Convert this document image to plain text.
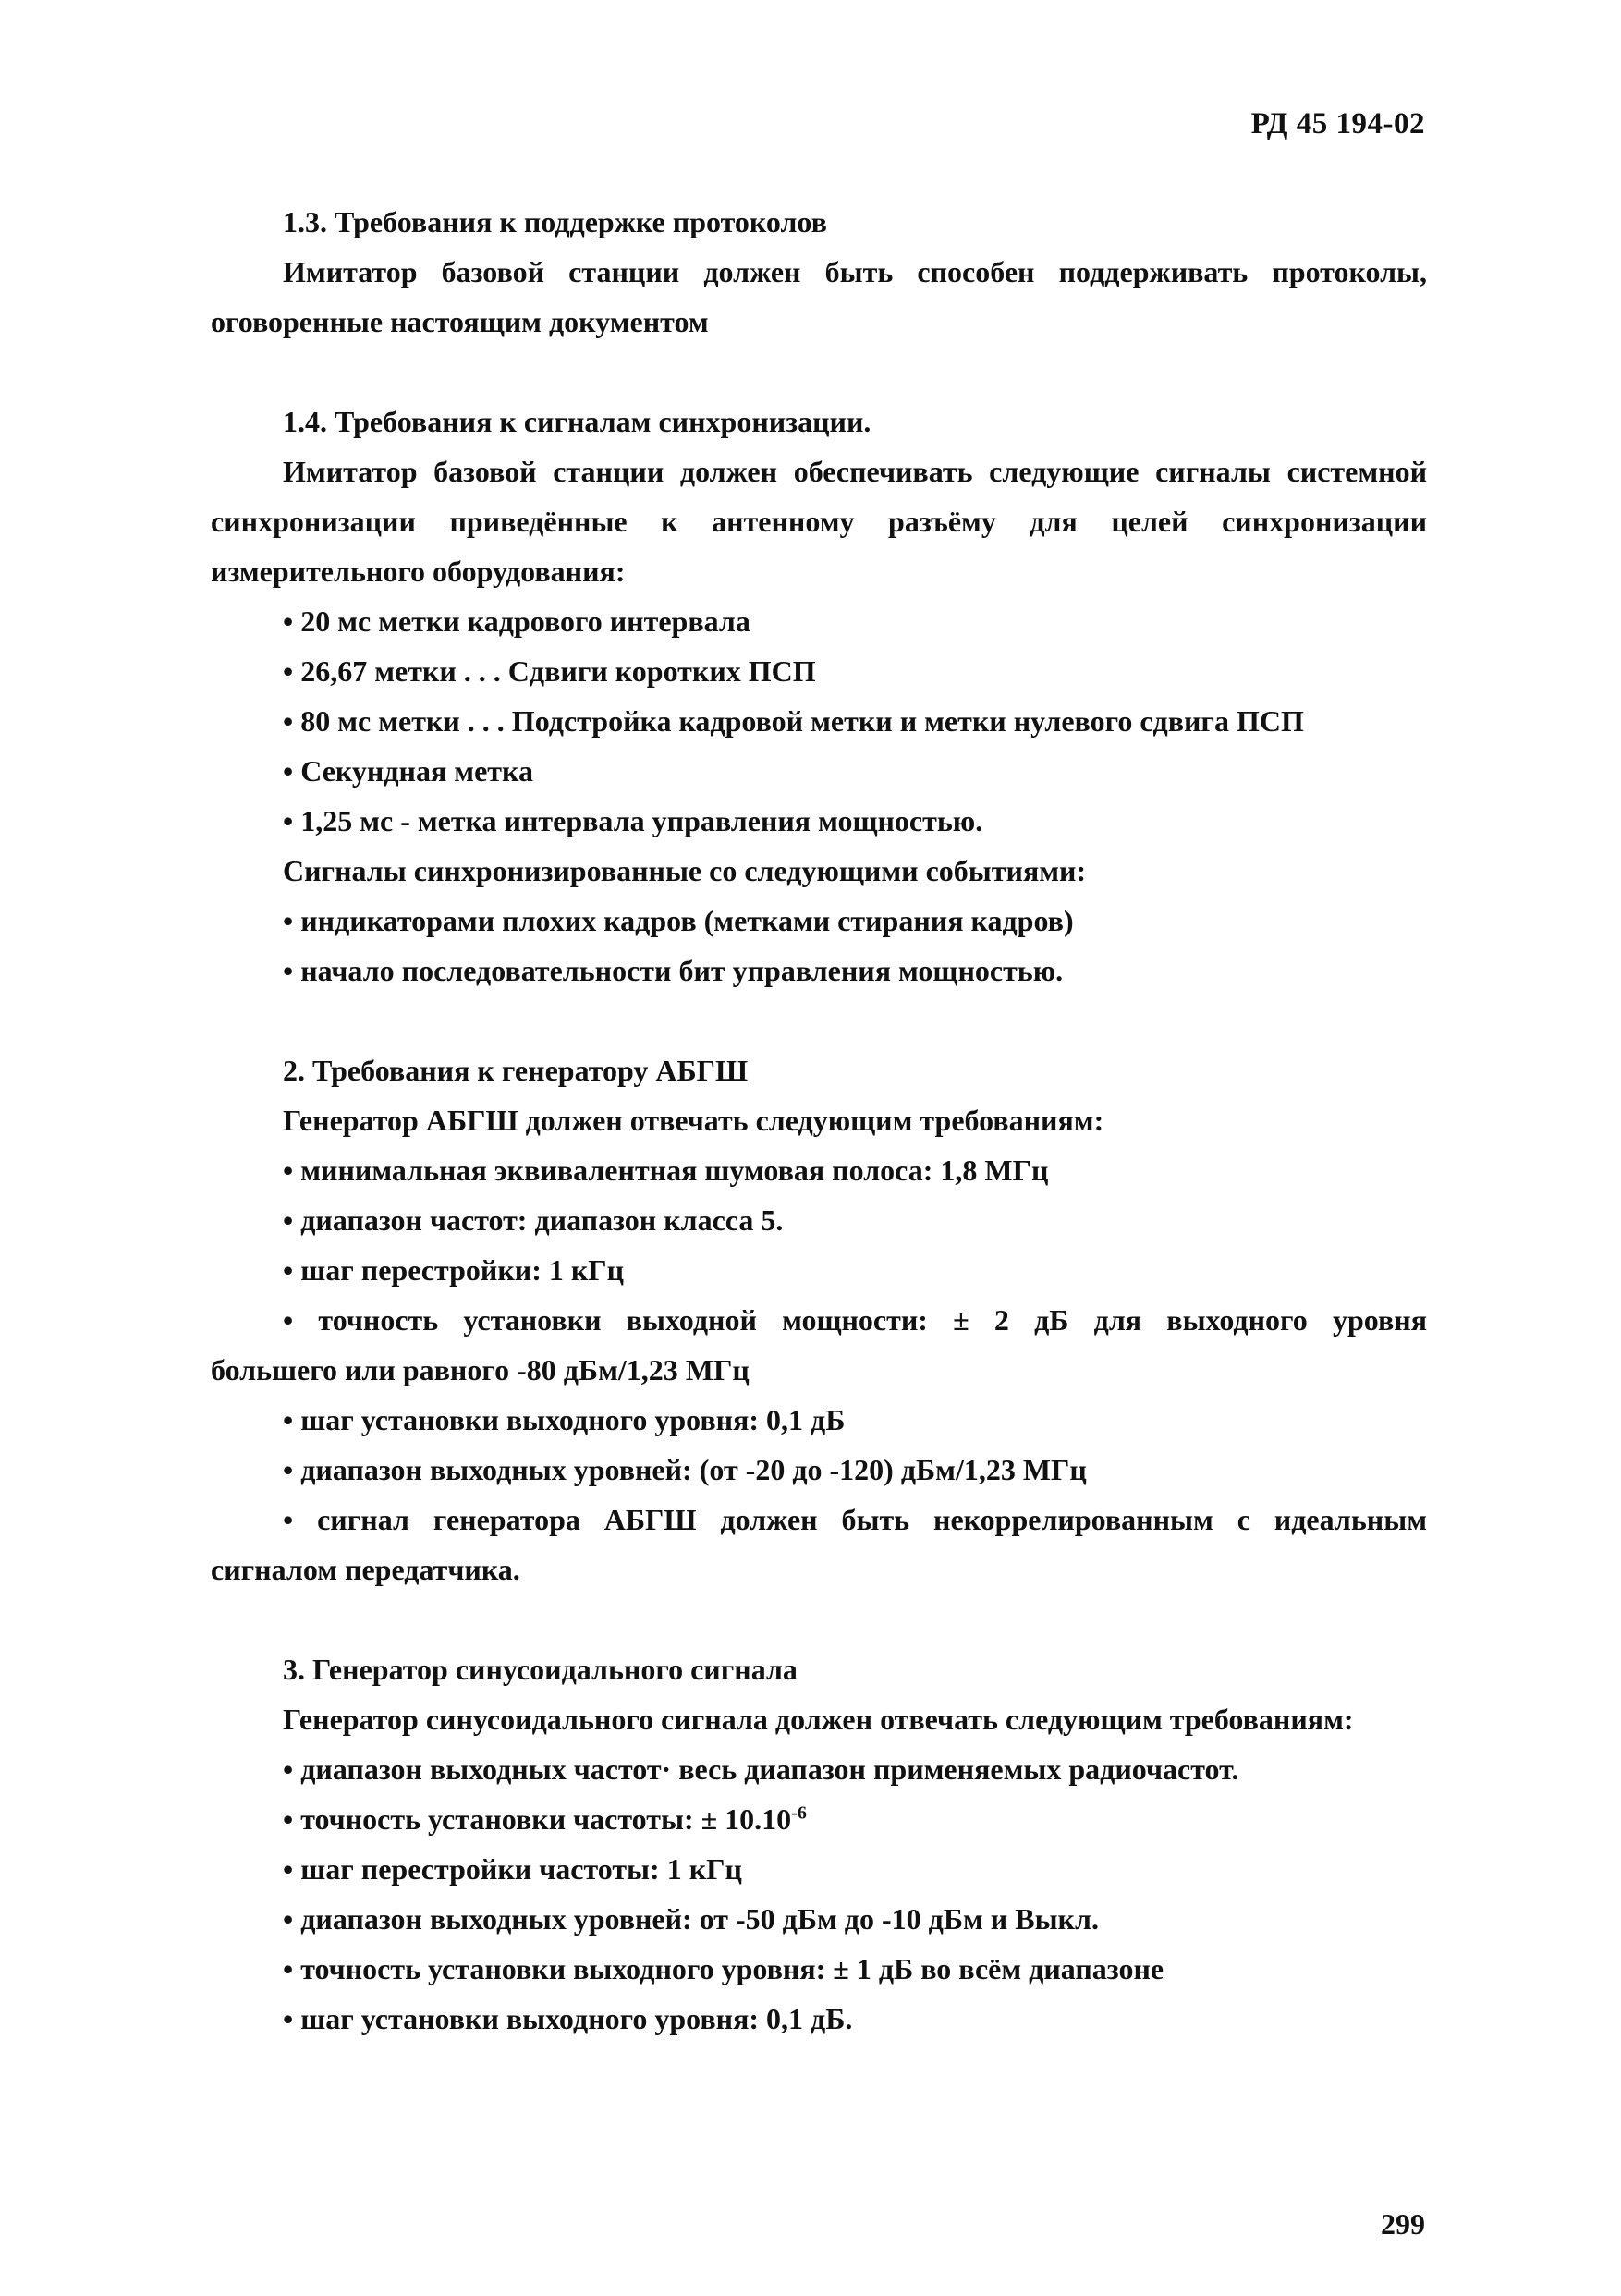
РД 45 194-02
1.3. Требования к поддержке протоколов
Имитатор базовой станции должен быть способен поддерживать протоколы,
оговоренные настоящим документом
1.4. Требования к сигналам синхронизации.
Имитатор базовой станции должен обеспечивать следующие сигналы системной
синхронизации приведённые к антенному разъёму для целей синхронизации
измерительного оборудования:
• 20 мс метки кадрового интервала
• 26,67 метки . . . Сдвиги коротких ПСП
• 80 мс метки . . . Подстройка кадровой метки и метки нулевого сдвига ПСП
• Секундная метка
• 1,25 мс - метка интервала управления мощностью.
Сигналы синхронизированные со следующими событиями:
• индикаторами плохих кадров (метками стирания кадров)
• начало последовательности бит управления мощностью.
2. Требования к генератору АБГШ
Генератор АБГШ должен отвечать следующим требованиям:
• минимальная эквивалентная шумовая полоса: 1,8 МГц
• диапазон частот: диапазон класса 5.
• шаг перестройки: 1 кГц
• точность установки выходной мощности: ± 2 дБ для выходного уровня
большего или равного -80 дБм/1,23 МГц
• шаг установки выходного уровня: 0,1 дБ
• диапазон выходных уровней: (от -20 до -120) дБм/1,23 МГц
• сигнал генератора АБГШ должен быть некоррелированным с идеальным
сигналом передатчика.
3. Генератор синусоидального сигнала
Генератор синусоидального сигнала должен отвечать следующим требованиям:
• диапазон выходных частот· весь диапазон применяемых радиочастот.
• точность установки частоты: ± $10.10^{-6}$
• шаг перестройки частоты: 1 кГц
• диапазон выходных уровней: от -50 дБм до -10 дБм и Выкл.
• точность установки выходного уровня: ± 1 дБ во всём диапазоне
• шаг установки выходного уровня: 0,1 дБ.
299
